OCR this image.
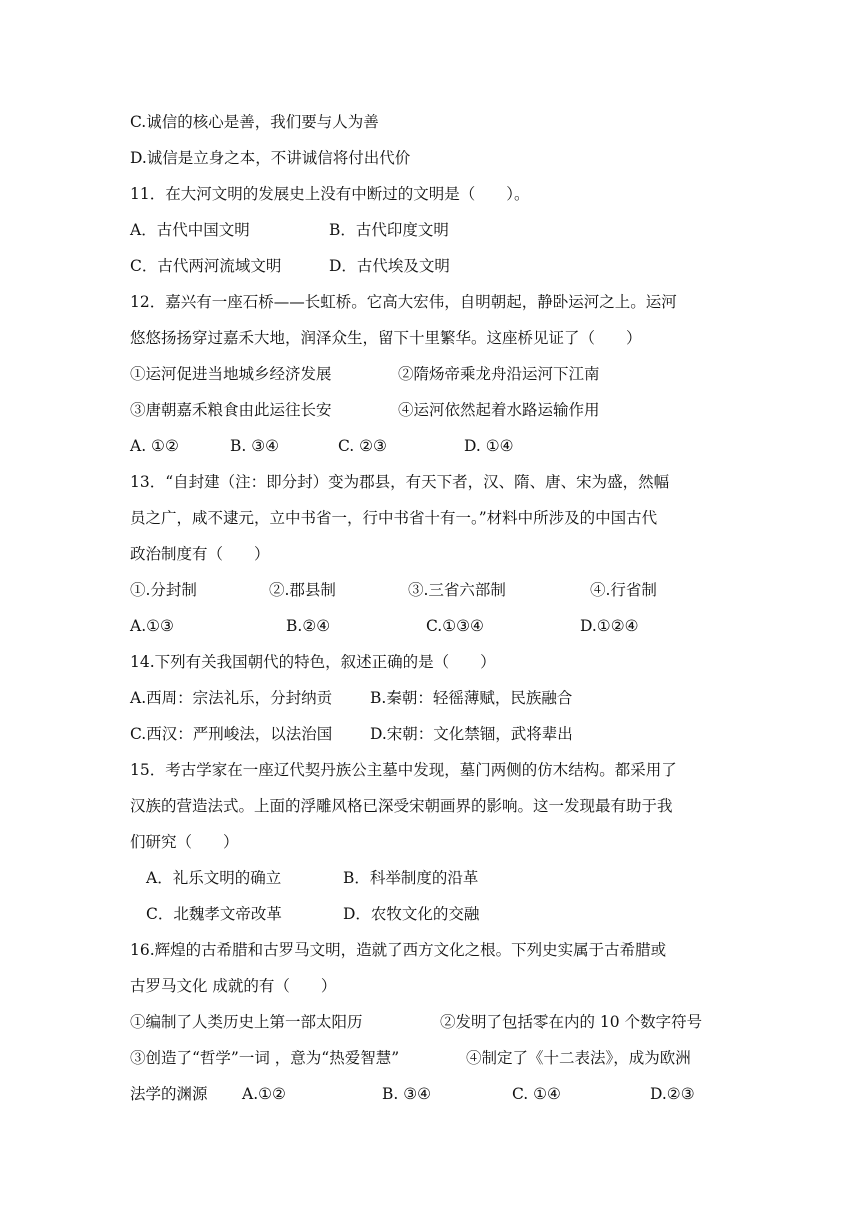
C.诚信的核心是善，我们要与人为善
D.诚信是立身之本，不讲诚信将付出代价
11．在大河文明的发展史上没有中断过的文明是（　　）。

A．古代中国文明

	B．古代印度文明

C．古代两河流域文明

	D．古代埃及文明

12．嘉兴有一座石桥——长虹桥。它高大宏伟，自明朝起，静卧运河之上。运河
悠悠扬扬穿过嘉禾大地，润泽众生，留下十里繁华。这座桥见证了（　　）

①运河促进当地城乡经济发展

	②隋炀帝乘龙舟沿运河下江南

③唐朝嘉禾粮食由此运往长安

	④运河依然起着水路运输作用

A. ①②

	B. ③④

	C. ②③

	D. ①④

13．“自封建（注：即分封）变为郡县，有天下者，汉、隋、唐、宋为盛，然幅
员之广，咸不逮元，立中书省一，行中书省十有一。”材料中所涉及的中国古代
政治制度有（　　）

①.分封制

	②.郡县制

	③.三省六部制

	④.行省制

A.①③

	B.②④

	C.①③④

	D.①②④

14.下列有关我国朝代的特色，叙述正确的是（　　）

A.西周：宗法礼乐，分封纳贡

B.秦朝：轻徭薄赋，民族融合

C.西汉：严刑峻法，以法治国

D.宋朝：文化禁锢，武将辈出

15．考古学家在一座辽代契丹族公主墓中发现，墓门两侧的仿木结构。都采用了
汉族的营造法式。上面的浮雕风格已深受宋朝画界的影响。这一发现最有助于我
们研究（　　）

A．礼乐文明的确立

	B．科举制度的沿革

C．北魏孝文帝改革

	D．农牧文化的交融

16.辉煌的古希腊和古罗马文明，造就了西方文化之根。下列史实属于古希腊或
古罗马文化 成就的有（　　）

①编制了人类历史上第一部太阳历

	②发明了包括零在内的 10 个数字符号

③创造了“哲学”一词 ，意为“热爱智慧”

	④制定了《十二表法》，成为欧洲

法学的渊源

A.①②

	B. ③④

	C. ①④

	D.②③
